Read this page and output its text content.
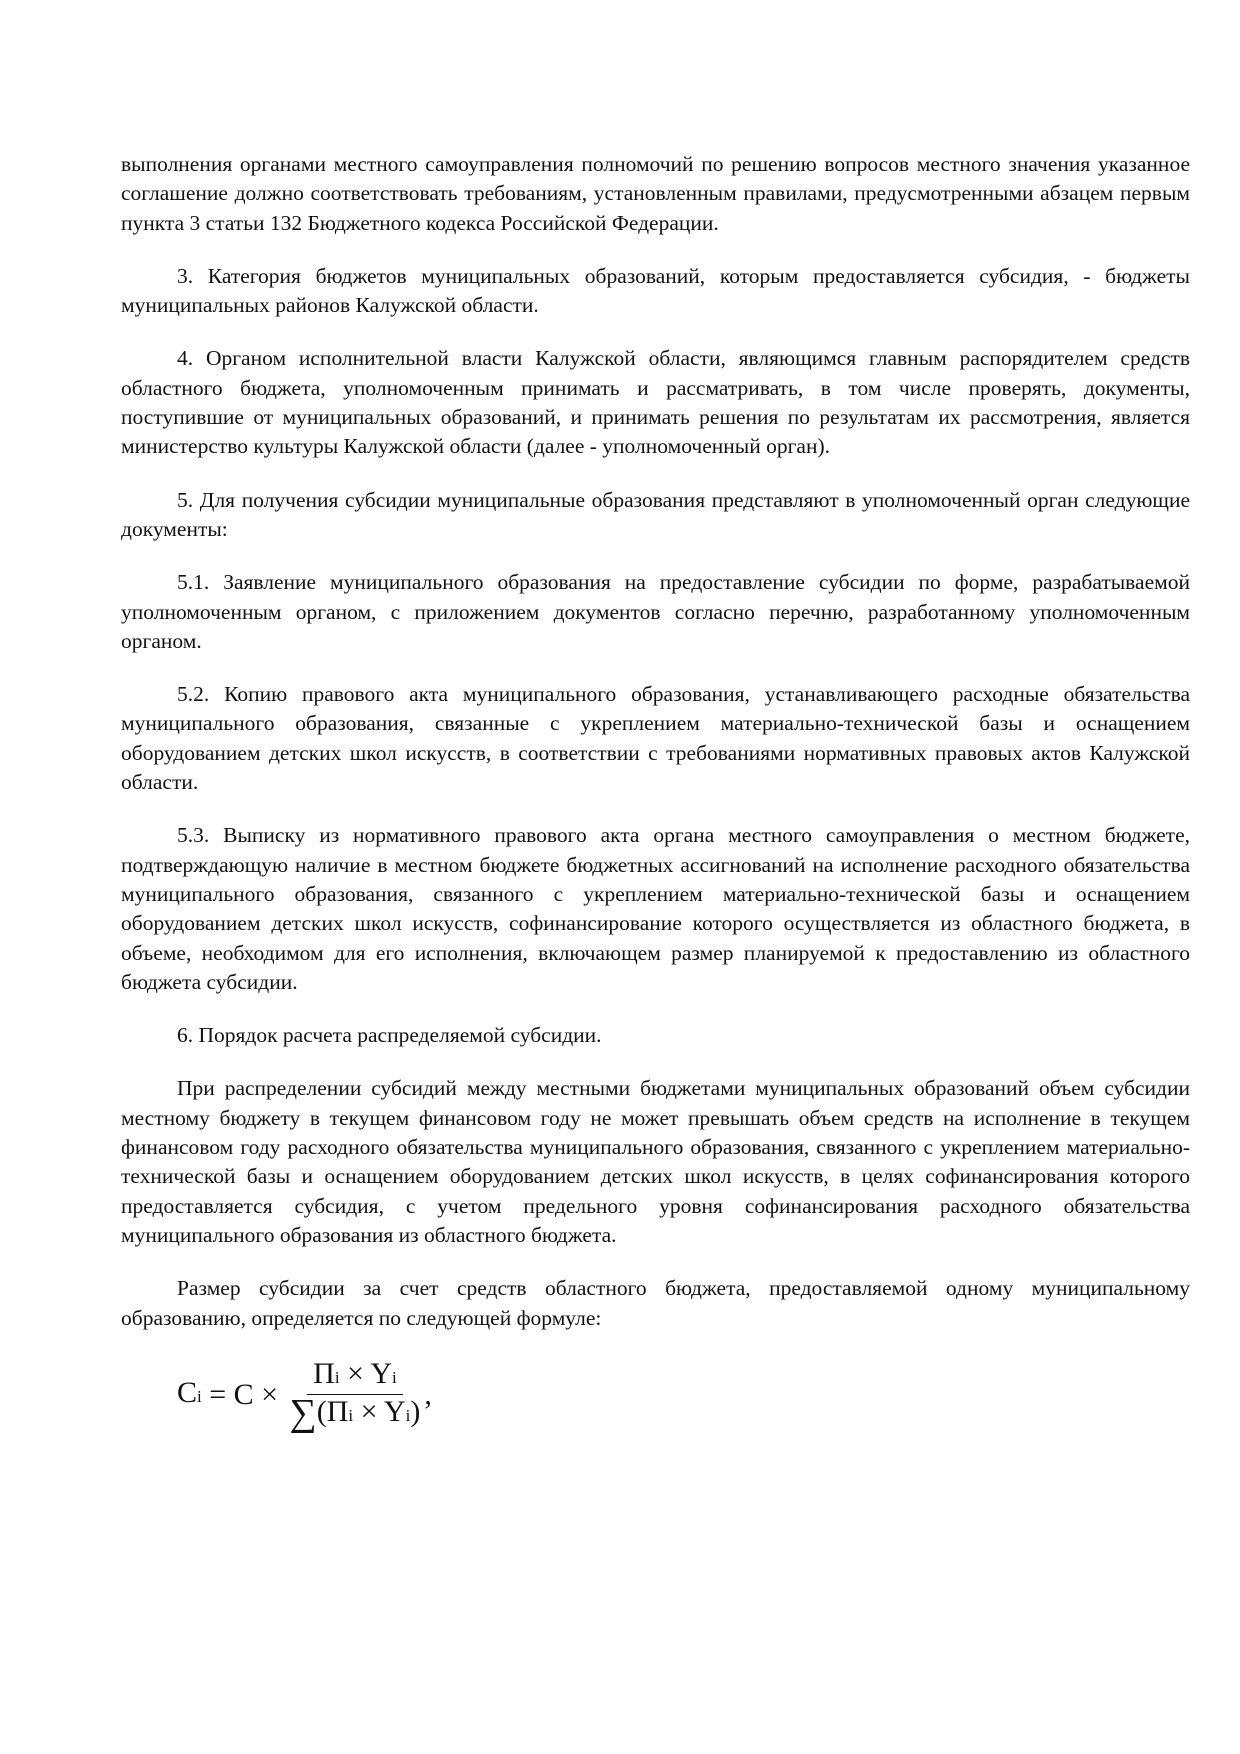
выполнения органами местного самоуправления полномочий по решению вопросов местного значения указанное соглашение должно соответствовать требованиям, установленным правилами, предусмотренными абзацем первым пункта 3 статьи 132 Бюджетного кодекса Российской Федерации.

3. Категория бюджетов муниципальных образований, которым предоставляется субсидия, - бюджеты муниципальных районов Калужской области.

4. Органом исполнительной власти Калужской области, являющимся главным распорядителем средств областного бюджета, уполномоченным принимать и рассматривать, в том числе проверять, документы, поступившие от муниципальных образований, и принимать решения по результатам их рассмотрения, является министерство культуры Калужской области (далее - уполномоченный орган).

5. Для получения субсидии муниципальные образования представляют в уполномоченный орган следующие документы:

5.1. Заявление муниципального образования на предоставление субсидии по форме, разрабатываемой уполномоченным органом, с приложением документов согласно перечню, разработанному уполномоченным органом.

5.2. Копию правового акта муниципального образования, устанавливающего расходные обязательства муниципального образования, связанные с укреплением материально-технической базы и оснащением оборудованием детских школ искусств, в соответствии с требованиями нормативных правовых актов Калужской области.

5.3. Выписку из нормативного правового акта органа местного самоуправления о местном бюджете, подтверждающую наличие в местном бюджете бюджетных ассигнований на исполнение расходного обязательства муниципального образования, связанного с укреплением материально-технической базы и оснащением оборудованием детских школ искусств, софинансирование которого осуществляется из областного бюджета, в объеме, необходимом для его исполнения, включающем размер планируемой к предоставлению из областного бюджета субсидии.

6. Порядок расчета распределяемой субсидии.

При распределении субсидий между местными бюджетами муниципальных образований объем субсидии местному бюджету в текущем финансовом году не может превышать объем средств на исполнение в текущем финансовом году расходного обязательства муниципального образования, связанного с укреплением материально-технической базы и оснащением оборудованием детских школ искусств, в целях софинансирования которого предоставляется субсидия, с учетом предельного уровня софинансирования расходного обязательства муниципального образования из областного бюджета.

Размер субсидии за счет средств областного бюджета, предоставляемой одному муниципальному образованию, определяется по следующей формуле:

$Ci = C \times \frac{Пi \times Yi}{\sum(Пi \times Yi)}$ ,
